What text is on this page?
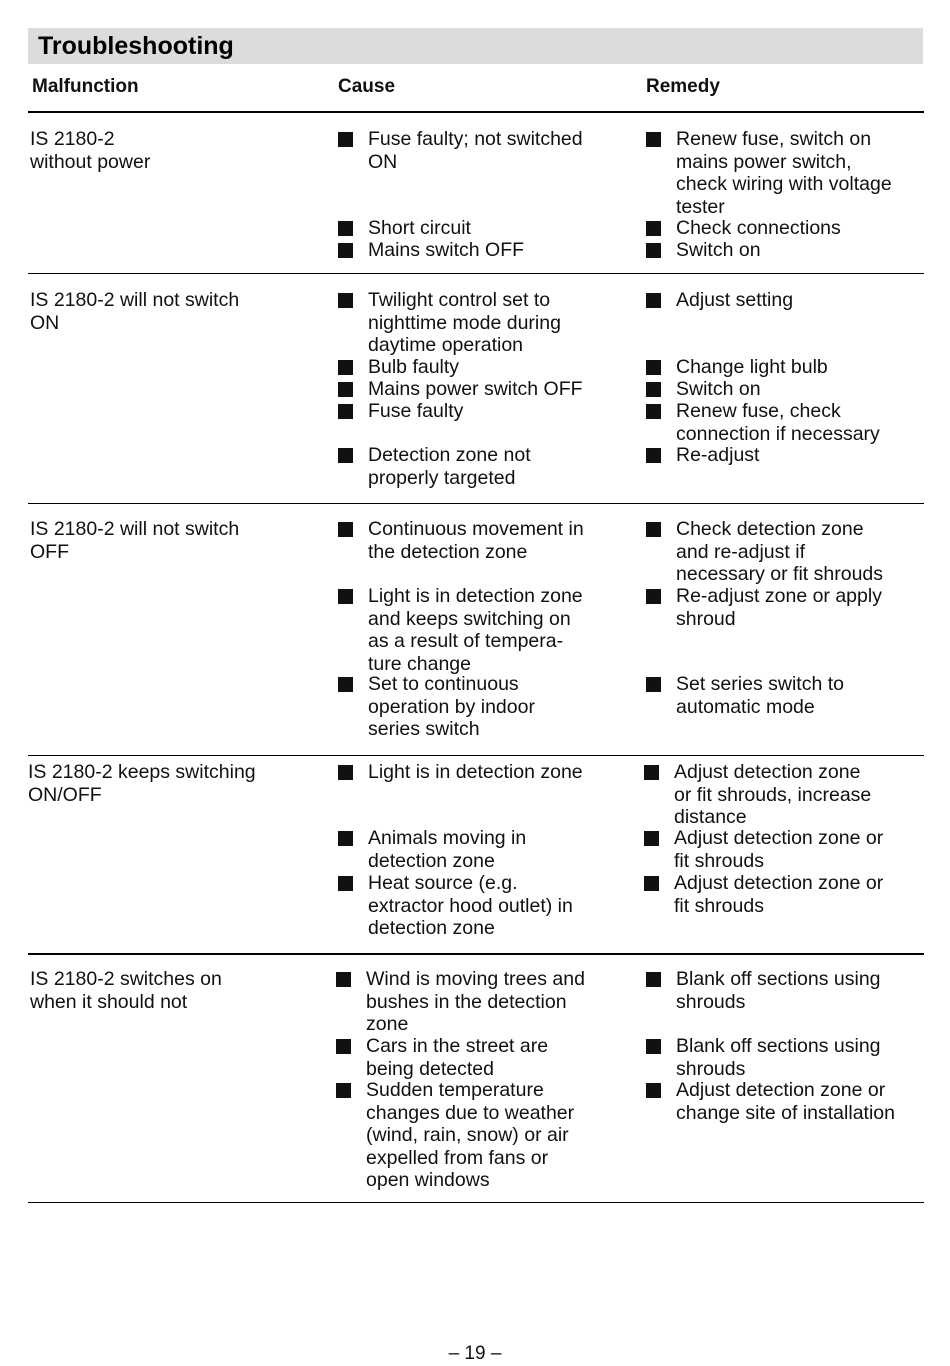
Troubleshooting
Malfunction	Cause	Remedy
IS 2180-2
without power
Fuse faulty; not switched
ON
Short circuit
Mains switch OFF
Renew fuse, switch on
mains power switch,
check wiring with voltage
tester
Check connections
Switch on
IS 2180-2 will not switch
ON
Twilight control set to
nighttime mode during
daytime operation
Bulb faulty
Mains power switch OFF
Fuse faulty
Detection zone not
properly targeted
Adjust setting
Change light bulb
Switch on
Renew fuse, check
connection if necessary
Re-adjust
IS 2180-2 will not switch
OFF
Continuous movement in
the detection zone
Light is in detection zone
and keeps switching on
as a result of tempera-
ture change
Set to continuous
operation by indoor
series switch
Check detection zone
and re-adjust if
necessary or fit shrouds
Re-adjust zone or apply
shroud
Set series switch to
automatic mode
IS 2180-2 keeps switching
ON/OFF
Light is in detection zone
Animals moving in
detection zone
Heat source (e.g.
extractor hood outlet) in
detection zone
Adjust detection zone
or fit shrouds, increase
distance
Adjust detection zone or
fit shrouds
Adjust detection zone or
fit shrouds
IS 2180-2 switches on
when it should not
Wind is moving trees and
bushes in the detection
zone
Cars in the street are
being detected
Sudden temperature
changes due to weather
(wind, rain, snow) or air
expelled from fans or
open windows
Blank off sections using
shrouds
Blank off sections using
shrouds
Adjust detection zone or
change site of installation
– 19 –
